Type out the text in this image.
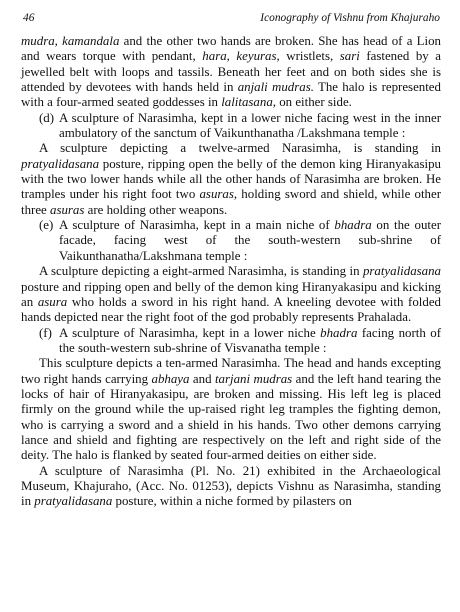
46	Iconography of Vishnu from Khajuraho

mudra, kamandala and the other two hands are broken. She has head of a Lion and wears torque with pendant, hara, keyuras, wristlets, sari fastened by a jewelled belt with loops and tassils. Beneath her feet and on both sides she is attended by devotees with hands held in anjali mudras. The halo is represented with a four-armed seated goddesses in lalitasana, on either side.

(d) A sculpture of Narasimha, kept in a lower niche facing west in the inner ambulatory of the sanctum of Vaikunthanatha /Lakshmana temple :

A sculpture depicting a twelve-armed Narasimha, is standing in pratyalidasana posture, ripping open the belly of the demon king Hiranyakasipu with the two lower hands while all the other hands of Narasimha are broken. He tramples under his right foot two asuras, holding sword and shield, while other three asuras are holding other weapons.

(e) A sculpture of Narasimha, kept in a main niche of bhadra on the outer facade, facing west of the south-western sub-shrine of Vaikunthanatha/Lakshmana temple :

A sculpture depicting a eight-armed Narasimha, is standing in pratyalidasana posture and ripping open and belly of the demon king Hiranyakasipu and kicking an asura who holds a sword in his right hand. A kneeling devotee with folded hands depicted near the right foot of the god probably represents Prahalada.

(f) A sculpture of Narasimha, kept in a lower niche bhadra facing north of the south-western sub-shrine of Visvanatha temple :

This sculpture depicts a ten-armed Narasimha. The head and hands excepting two right hands carrying abhaya and tarjani mudras and the left hand tearing the locks of hair of Hiranyakasipu, are broken and missing. His left leg is placed firmly on the ground while the up-raised right leg tramples the fighting demon, who is carrying a sword and a shield in his hands. Two other demons carrying lance and shield and fighting are respectively on the left and right side of the deity. The halo is flanked by seated four-armed deities on either side.

A sculpture of Narasimha (Pl. No. 21) exhibited in the Archaeological Museum, Khajuraho, (Acc. No. 01253), depicts Vishnu as Narasimha, standing in pratyalidasana posture, within a niche formed by pilasters on
